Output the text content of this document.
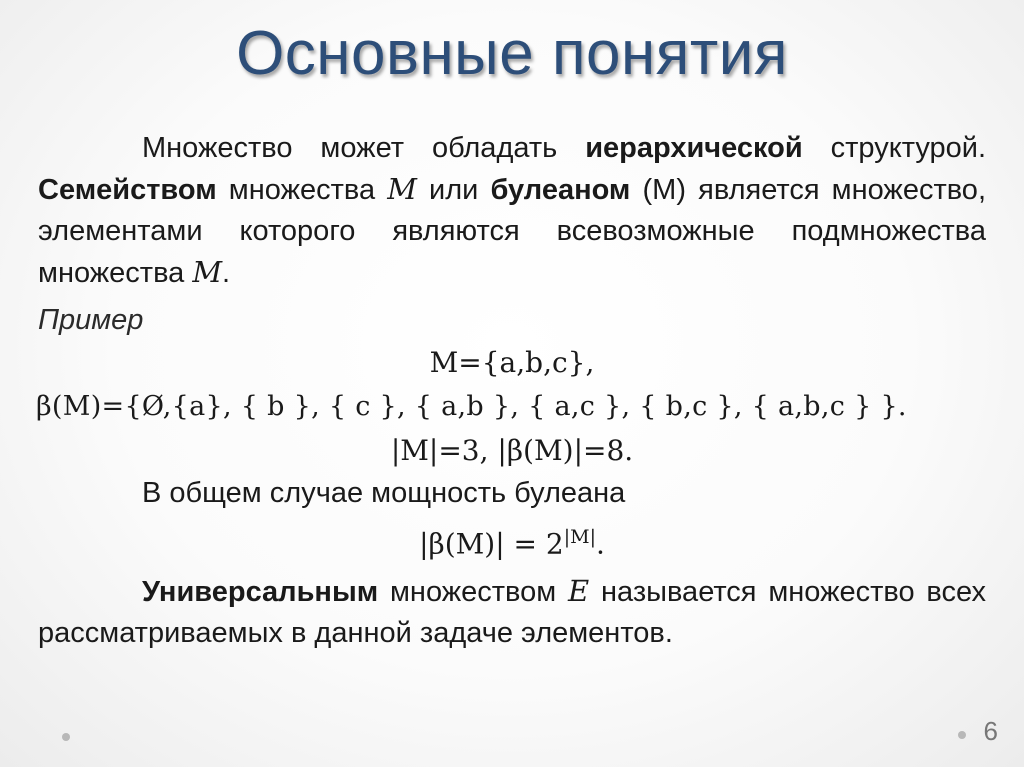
Основные понятия
Множество может обладать иерархической структурой. Семейством множества M или булеаном (M) является множество, элементами которого являются всевозможные подмножества множества M.
Пример
M={a,b,c},
β(M)={Ø,{a}, { b }, { c }, { a,b }, { a,c }, { b,c }, { a,b,c } }.
|M|=3, |β(M)|=8.
В общем случае мощность булеана
$|\beta(M)| = 2^{|M|}$.
Универсальным множеством E называется множество всех рассматриваемых в данной задаче элементов.
6
